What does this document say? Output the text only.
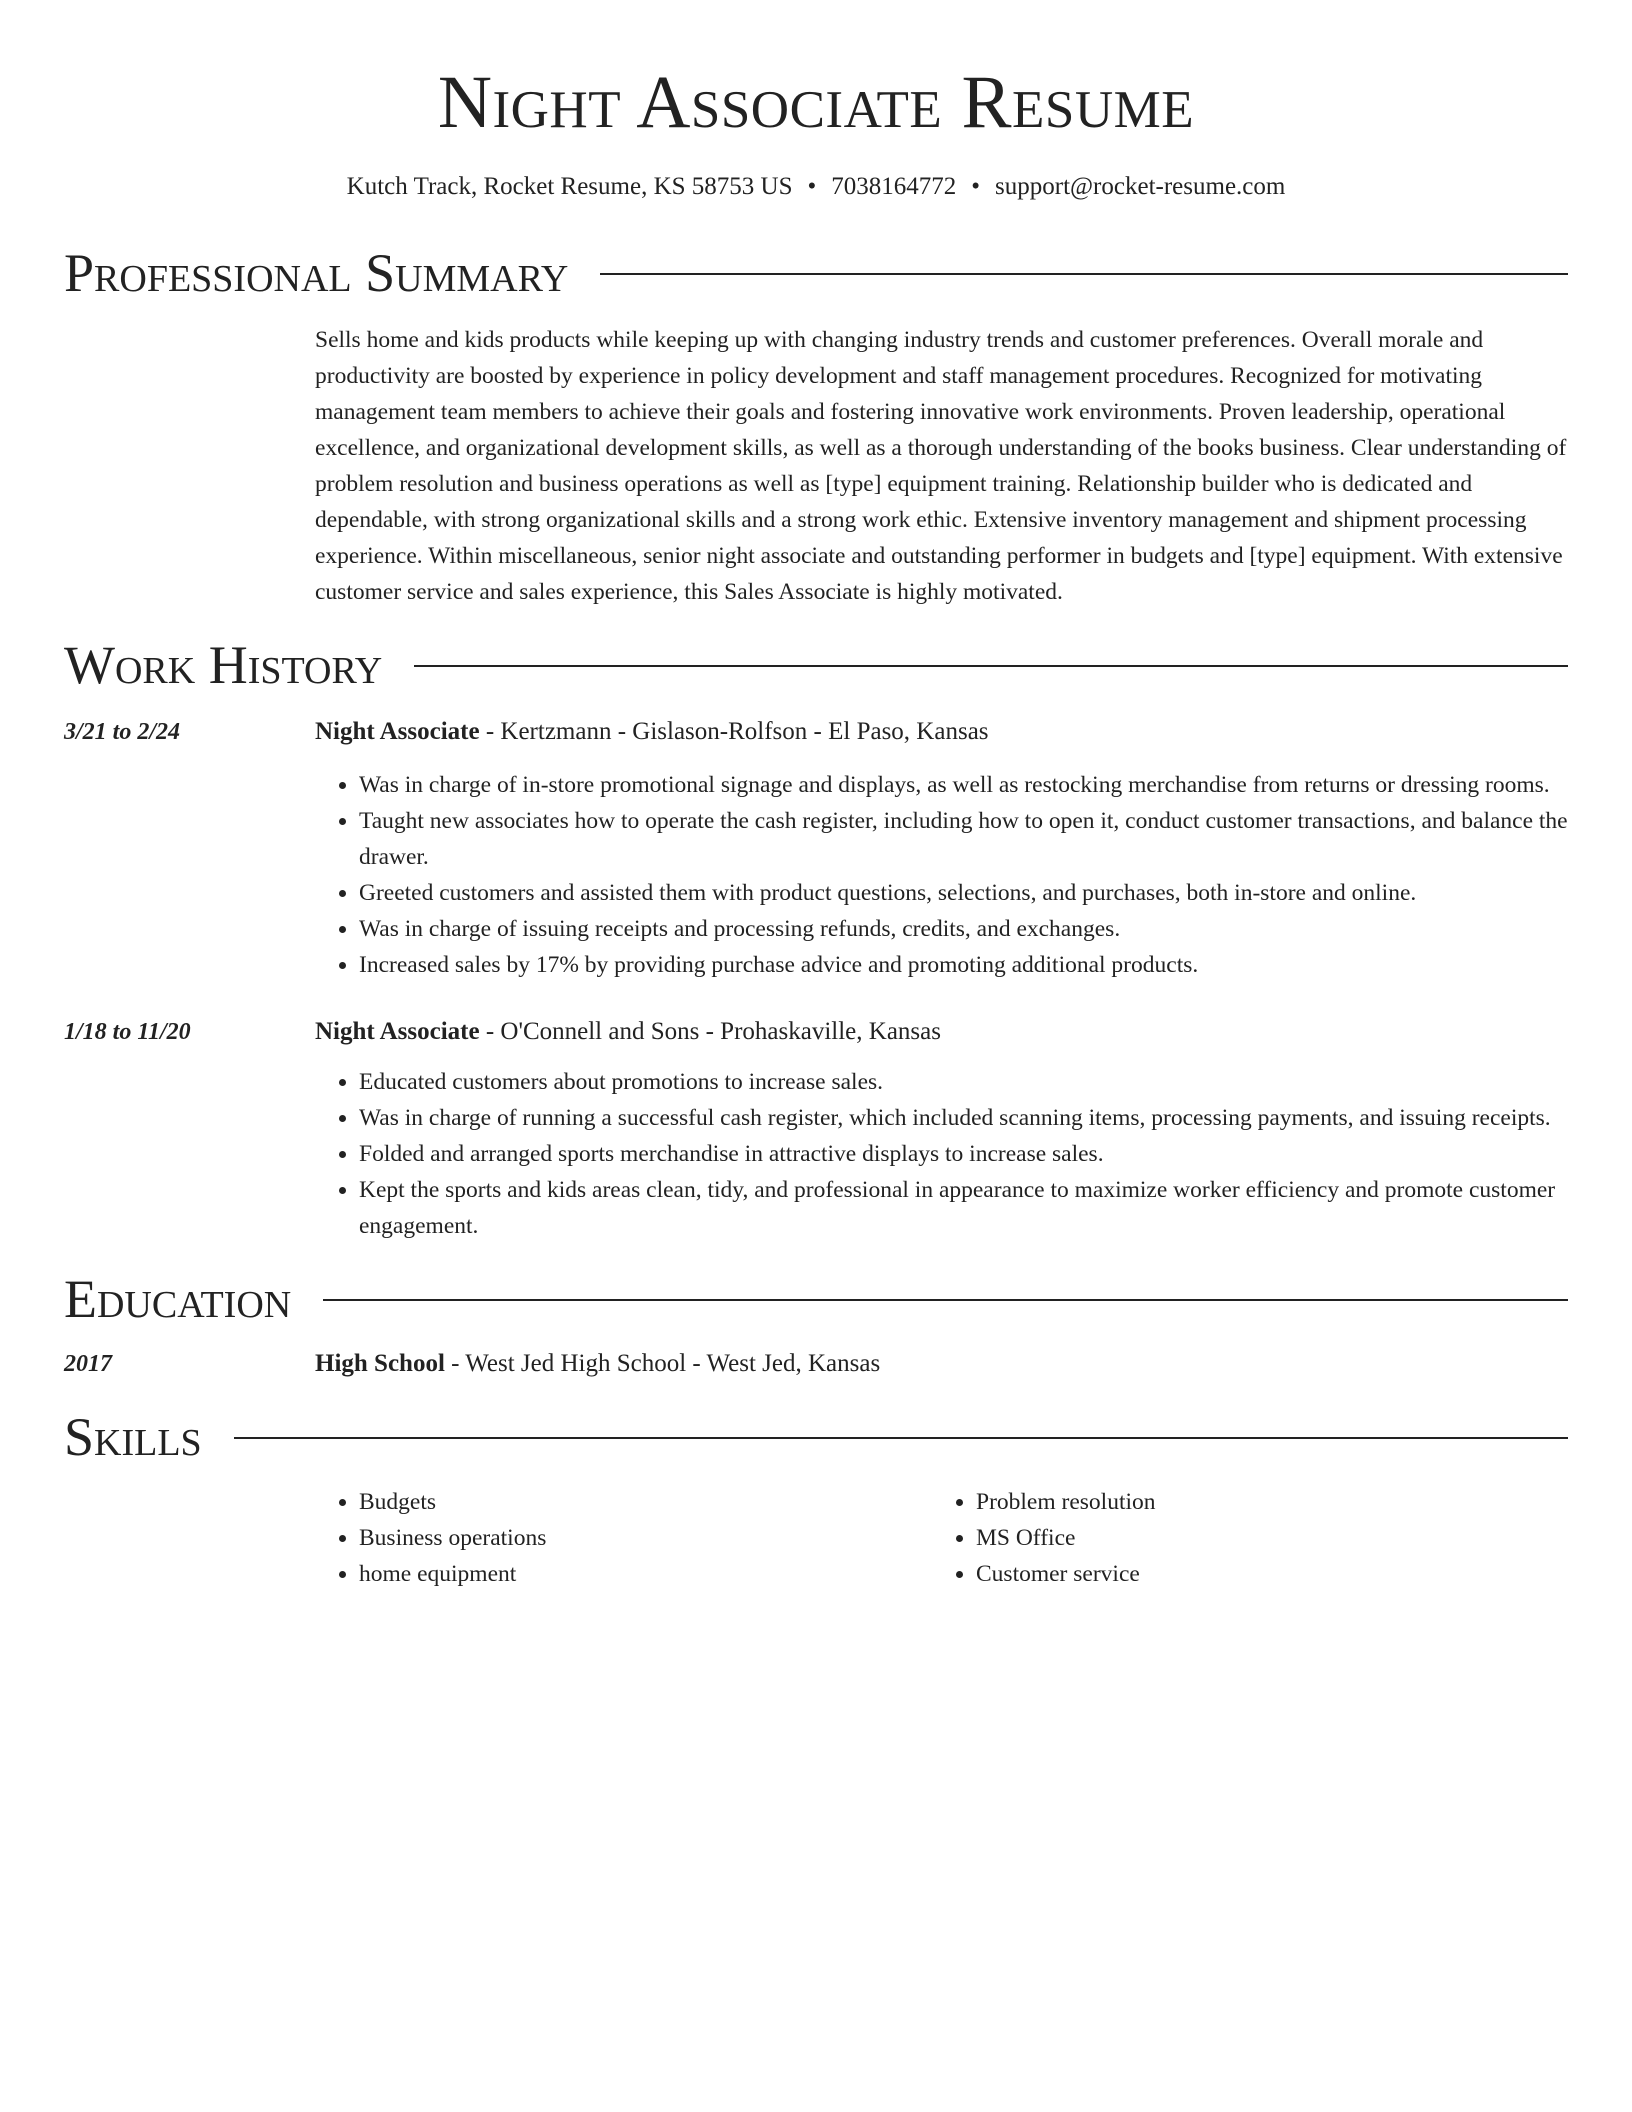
Night Associate Resume
Kutch Track, Rocket Resume, KS 58753 US • 7038164772 • support@rocket-resume.com
Professional Summary

Sells home and kids products while keeping up with changing industry trends and customer preferences. Overall morale and productivity are boosted by experience in policy development and staff management procedures. Recognized for motivating management team members to achieve their goals and fostering innovative work environments. Proven leadership, operational excellence, and organizational development skills, as well as a thorough understanding of the books business. Clear understanding of problem resolution and business operations as well as [type] equipment training. Relationship builder who is dedicated and dependable, with strong organizational skills and a strong work ethic. Extensive inventory management and shipment processing experience. Within miscellaneous, senior night associate and outstanding performer in budgets and [type] equipment. With extensive customer service and sales experience, this Sales Associate is highly motivated.

Work History
3/21 to 2/24	Night Associate - Kertzmann - Gislason-Rolfson - El Paso, Kansas
• Was in charge of in-store promotional signage and displays, as well as restocking merchandise from returns or dressing rooms.
• Taught new associates how to operate the cash register, including how to open it, conduct customer transactions, and balance the drawer.
• Greeted customers and assisted them with product questions, selections, and purchases, both in-store and online.
• Was in charge of issuing receipts and processing refunds, credits, and exchanges.
• Increased sales by 17% by providing purchase advice and promoting additional products.
1/18 to 11/20	Night Associate - O'Connell and Sons - Prohaskaville, Kansas
• Educated customers about promotions to increase sales.
• Was in charge of running a successful cash register, which included scanning items, processing payments, and issuing receipts.
• Folded and arranged sports merchandise in attractive displays to increase sales.
• Kept the sports and kids areas clean, tidy, and professional in appearance to maximize worker efficiency and promote customer engagement.
Education
2017	High School - West Jed High School - West Jed, Kansas
Skills
• Budgets
• Business operations
• home equipment
• Problem resolution
• MS Office
• Customer service
